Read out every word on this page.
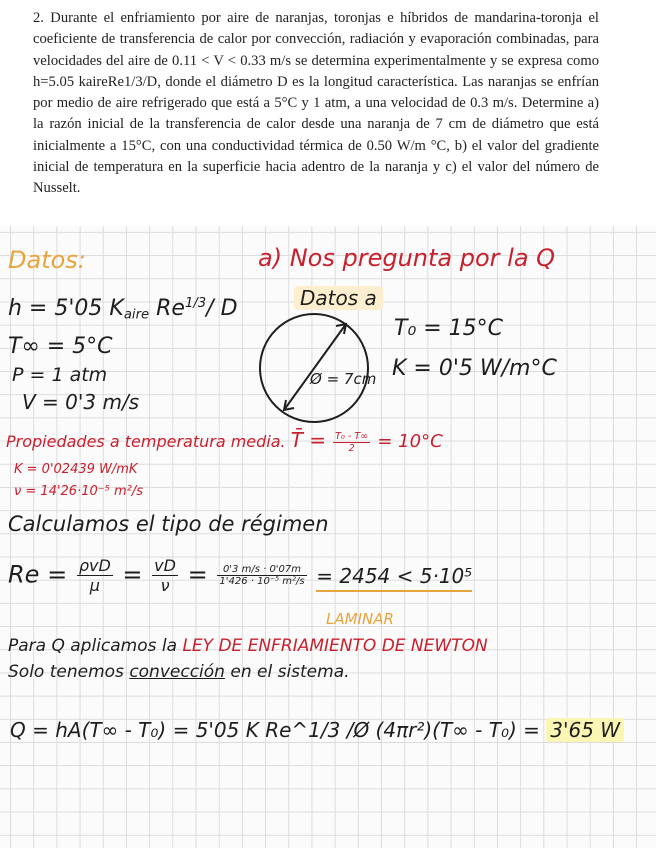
2. Durante el enfriamiento por aire de naranjas, toronjas e híbridos de mandarina-toronja el coeficiente de transferencia de calor por convección, radiación y evaporación combinadas, para velocidades del aire de 0.11 < V < 0.33 m/s se determina experimentalmente y se expresa como h=5.05 kaireRe1/3/D, donde el diámetro D es la longitud característica. Las naranjas se enfrían por medio de aire refrigerado que está a 5°C y 1 atm, a una velocidad de 0.3 m/s. Determine a) la razón inicial de la transferencia de calor desde una naranja de 7 cm de diámetro que está inicialmente a 15°C, con una conductividad térmica de 0.50 W/m °C, b) el valor del gradiente inicial de temperatura en la superficie hacia adentro de la naranja y c) el valor del número de Nusselt.

Datos:	a) Nos pregunta por la Q
h = 5'05 $K_{aire}$ $Re^{1/3}/$ D	Datos a
T∞ = 5°C
P = 1 atm
V = 0'3 m/s
Ø = 7cm
T₀ = 15°C
K = 0'5 W/m°C
Propiedades a temperatura media. T̄ = $\frac{\text{T₀ - T∞}}{2} = 10^\circ C$
K = 0'02439 W/mK
ν = 14'26·10⁻⁵ m²/s
Calculamos el tipo de régimen
$Re = \frac{\text{ρvD}}{\mu} = \frac{vD}{\nu} = \frac{0'3 m/s \cdot 0'07m}{\text{1'426 · 10⁻⁵ m²/s}} = 2454 < 5\cdot 10^5$
LAMINAR
Para Q aplicamos la LEY DE ENFRIAMIENTO DE NEWTON
Solo tenemos convección en el sistema.
Q = hA(T∞ - T₀) = 5'05 K Re^1/3 /Ø (4πr²)(T∞ - T₀) = 3'65 W
